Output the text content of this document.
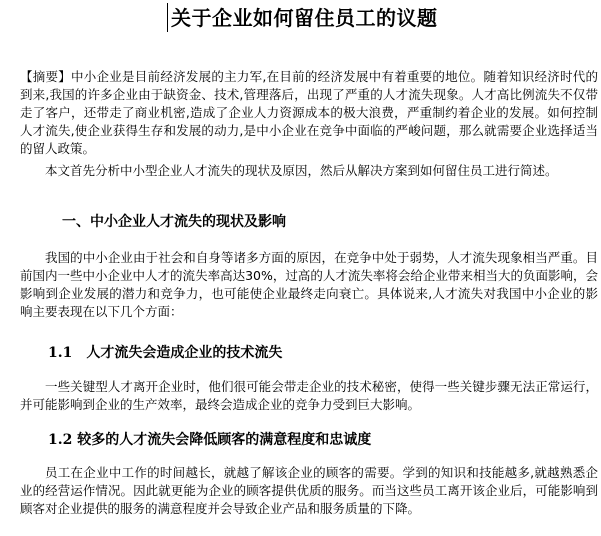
关于企业如何留住员工的议题

【摘要】中小企业是目前经济发展的主力军,在目前的经济发展中有着重要的地位。随着知识经济时代的到来,我国的许多企业由于缺资金、技术,管理落后，出现了严重的人才流失现象。人才高比例流失不仅带走了客户，还带走了商业机密,造成了企业人力资源成本的极大浪费，严重制约着企业的发展。如何控制人才流失,使企业获得生存和发展的动力,是中小企业在竞争中面临的严峻问题，那么就需要企业选择适当的留人政策。

本文首先分析中小型企业人才流失的现状及原因，然后从解决方案到如何留住员工进行简述。

一、中小企业人才流失的现状及影响

我国的中小企业由于社会和自身等诸多方面的原因，在竞争中处于弱势，人才流失现象相当严重。目前国内一些中小企业中人才的流失率高达30%，过高的人才流失率将会给企业带来相当大的负面影响，会影响到企业发展的潜力和竞争力，也可能使企业最终走向衰亡。具体说来,人才流失对我国中小企业的影响主要表现在以下几个方面：

1.1　人才流失会造成企业的技术流失

一些关键型人才离开企业时，他们很可能会带走企业的技术秘密，使得一些关键步骤无法正常运行，并可能影响到企业的生产效率，最终会造成企业的竞争力受到巨大影响。

1.2 较多的人才流失会降低顾客的满意程度和忠诚度

员工在企业中工作的时间越长，就越了解该企业的顾客的需要。学到的知识和技能越多,就越熟悉企业的经营运作情况。因此就更能为企业的顾客提供优质的服务。而当这些员工离开该企业后，可能影响到顾客对企业提供的服务的满意程度并会导致企业产品和服务质量的下降。
